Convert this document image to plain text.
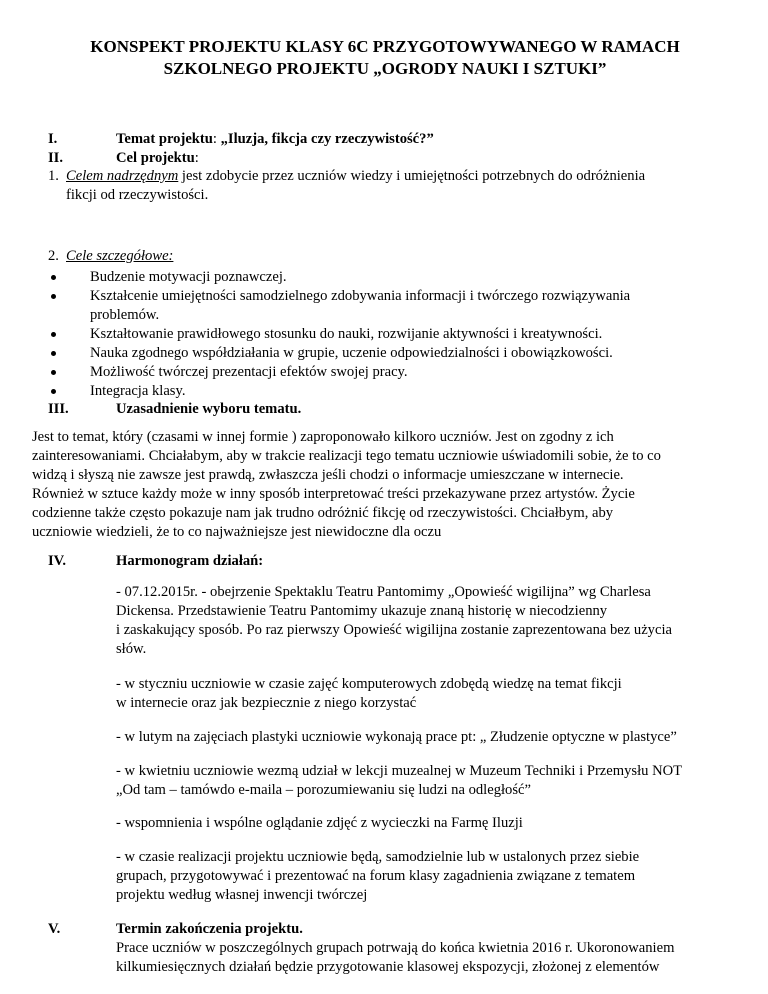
KONSPEKT PROJEKTU KLASY 6C PRZYGOTOWYWANEGO W RAMACH
SZKOLNEGO PROJEKTU „OGRODY NAUKI I SZTUKI”
I.	Temat projektu: „Iluzja, fikcja czy rzeczywistość?”
II.	Cel projektu:
1. Celem nadrzędnym jest zdobycie przez uczniów wiedzy i umiejętności potrzebnych do odróżnienia
fikcji od rzeczywistości.
2. Cele szczegółowe:
Budzenie motywacji poznawczej.
Kształcenie umiejętności samodzielnego zdobywania informacji i twórczego rozwiązywania
problemów.
Kształtowanie prawidłowego stosunku do nauki, rozwijanie aktywności i kreatywności.
Nauka zgodnego współdziałania w grupie, uczenie odpowiedzialności i obowiązkowości.
Możliwość twórczej prezentacji efektów swojej pracy.
Integracja klasy.
III.	Uzasadnienie wyboru tematu.
Jest to temat, który (czasami w innej formie ) zaproponowało kilkoro uczniów. Jest on zgodny z ich
zainteresowaniami. Chciałabym, aby w trakcie realizacji tego tematu uczniowie uświadomili sobie, że to co
widzą i słyszą nie zawsze jest prawdą, zwłaszcza jeśli chodzi o informacje umieszczane w internecie.
Również w sztuce każdy może w inny sposób interpretować treści przekazywane przez artystów. Życie
codzienne także często pokazuje nam jak trudno odróżnić fikcję od rzeczywistości. Chciałbym, aby
uczniowie wiedzieli, że to co najważniejsze jest niewidoczne dla oczu
IV.	Harmonogram działań:
- 07.12.2015r. - obejrzenie Spektaklu Teatru Pantomimy „Opowieść wigilijna” wg Charlesa
Dickensa. Przedstawienie Teatru Pantomimy ukazuje znaną historię w niecodzienny
i zaskakujący sposób. Po raz pierwszy Opowieść wigilijna zostanie zaprezentowana bez użycia
słów.
- w styczniu uczniowie w czasie zajęć komputerowych zdobędą wiedzę na temat fikcji
w internecie oraz jak bezpiecznie z niego korzystać
- w lutym na zajęciach plastyki uczniowie wykonają prace pt: „ Złudzenie optyczne w plastyce”
- w kwietniu uczniowie wezmą udział w lekcji muzealnej w Muzeum Techniki i Przemysłu NOT
„Od tam – tamówdo e-maila – porozumiewaniu się ludzi na odległość”
- wspomnienia i wspólne oglądanie zdjęć z wycieczki na Farmę Iluzji
- w czasie realizacji projektu uczniowie będą, samodzielnie lub w ustalonych przez siebie
grupach, przygotowywać i prezentować na forum klasy zagadnienia związane z tematem
projektu według własnej inwencji twórczej
V.	Termin zakończenia projektu.
Prace uczniów w poszczególnych grupach potrwają do końca kwietnia 2016 r. Ukoronowaniem
kilkumiesięcznych działań będzie przygotowanie klasowej ekspozycji, złożonej z elementów
